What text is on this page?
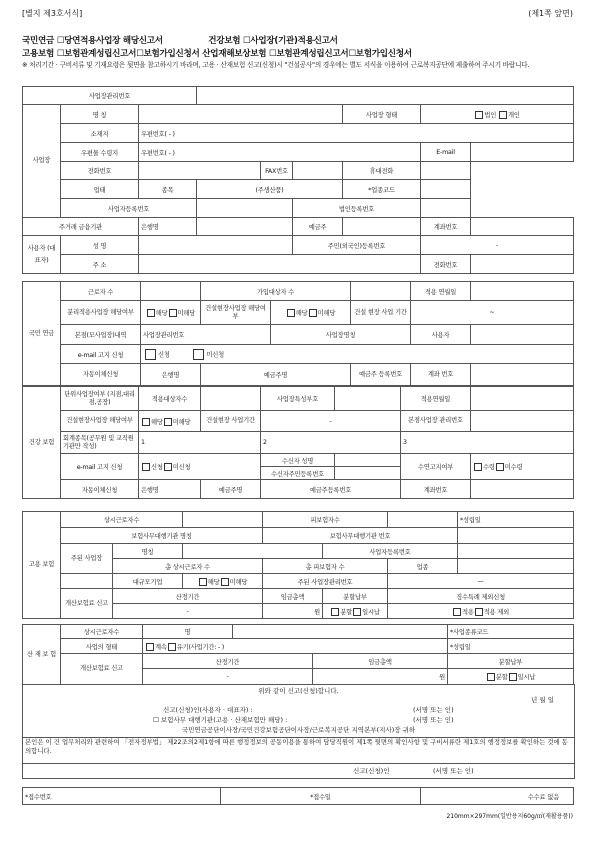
[별지 제3호서식]	(제1쪽 앞면)
국민연금 ☐당연적용사업장 해당신고서	건강보험 ☐사업장(기관)적용신고서
고용보험 ☐보험관계성립신고서☐보험가입신청서 산업재해보상보험 ☐보험관계성립신고서☐보험가입신청서
※ 처리기간 · 구비서류 및 기재요령은 뒷면을 참고하시기 바라며, 고용 · 산재보험 신고(신청)시 "건설공사"의 경우에는 별도 서식을 이용하여 근로복지공단에 제출하여 주시기 바랍니다.
사업장관리번호								
사업장	명 칭					사업장 형태	법인 개인	
	소재지	우편번호( - )						
	우편물 수령지	우편번호( - )					E-mail	
	전화번호			FAX번호		휴대전화		
	업태	종목	(주생산품)			*업종코드		
	사업자등록번호				법인등록번호			
주거래 금융기관		은행명			예금주		계좌번호	
사용자 (대표자)	성 명				주민(외국인)등록번호		-	
	주 소						전화번호	
국민 연금	근로자 수		가입대상자 수			적용 연월일	
	분리적용사업장 해당여부	해당 미해당	건설현장사업장 해당여부	해당 미해당	건설 현장 사업 기간	~	
	본점(모사업장)내역	사업장관리번호		사업장명칭		사용자	
	e-mail 고지 신청	신청 미신청					
	자동이체신청	은행명	예금주명		예금주 등록번호	계좌 번호	
건강 보험	단위사업장여부 (지점,대리점,공장)	적용대상자수		사업장특성부호		적용연월일	
	건설현장사업장 해당여부	해당 미해당	건설현장 사업기간	-		본점사업장 관리번호	
	회계종목(공무원 및 교직원기관만 작성)	1		2		3	
	e-mail 고지 신청	신청 미신청		수신자 성명		수연고지여부	수령 미수령
				수신자주민등록번호			
	자동이체신청	은행명	예금주명	예금주등록번호		계좌번호	
고용 보험	상시근로자수			피보험자수			*성립일
	보험사무대행기관 명칭			보험사무대행기관 번호			
	주된 사업장	명칭			사업자등록번호		
		총 상시근로자 수		총 피보험자 수		업종	
		대규모기업	해당 미해당	주된 사업장관리번호		—	
	개산보험료 신고	산정기간		임금총액	분할납부	징수특례 제외신청	
		-		원	분할 일시납	적용 적용 제외	
산 재 보 험	상시근로자수	명			*사업종류코드
	사업의 형태	계속 유기(사업기간: - )			*성립일
	개산보험료 신고	산정기간		임금총액	분할납부
		-		원	분할 일시납
위와 같이 신고(신청)합니다.
년 월 일
신고(신청)인(사용자 · 대표자) :	(서명 또는 인)
☐ 보험사무 대행기관(고용 · 산재보험만 해당) :	(서명 또는 인)
국민연금공단이사장/국민건강보험공단이사장/근로복지공단 지역본부(지사)장 귀하
본인은 이 건 업무처리와 관련하여 「전자정부법」 제22조의2제1항에 따른 행정정보의 공동이용을 통하여 담당직원이 제1쪽 뒷면의 확인사항 및 구비서류란 제1호의 행정정보를 확인하는 것에 동의합니다.
신고(신청)인	(서명 또는 인)
*접수번호	*접수일	수수료 없음
210mm×297mm(일반용지60g/㎡(재활용품))
